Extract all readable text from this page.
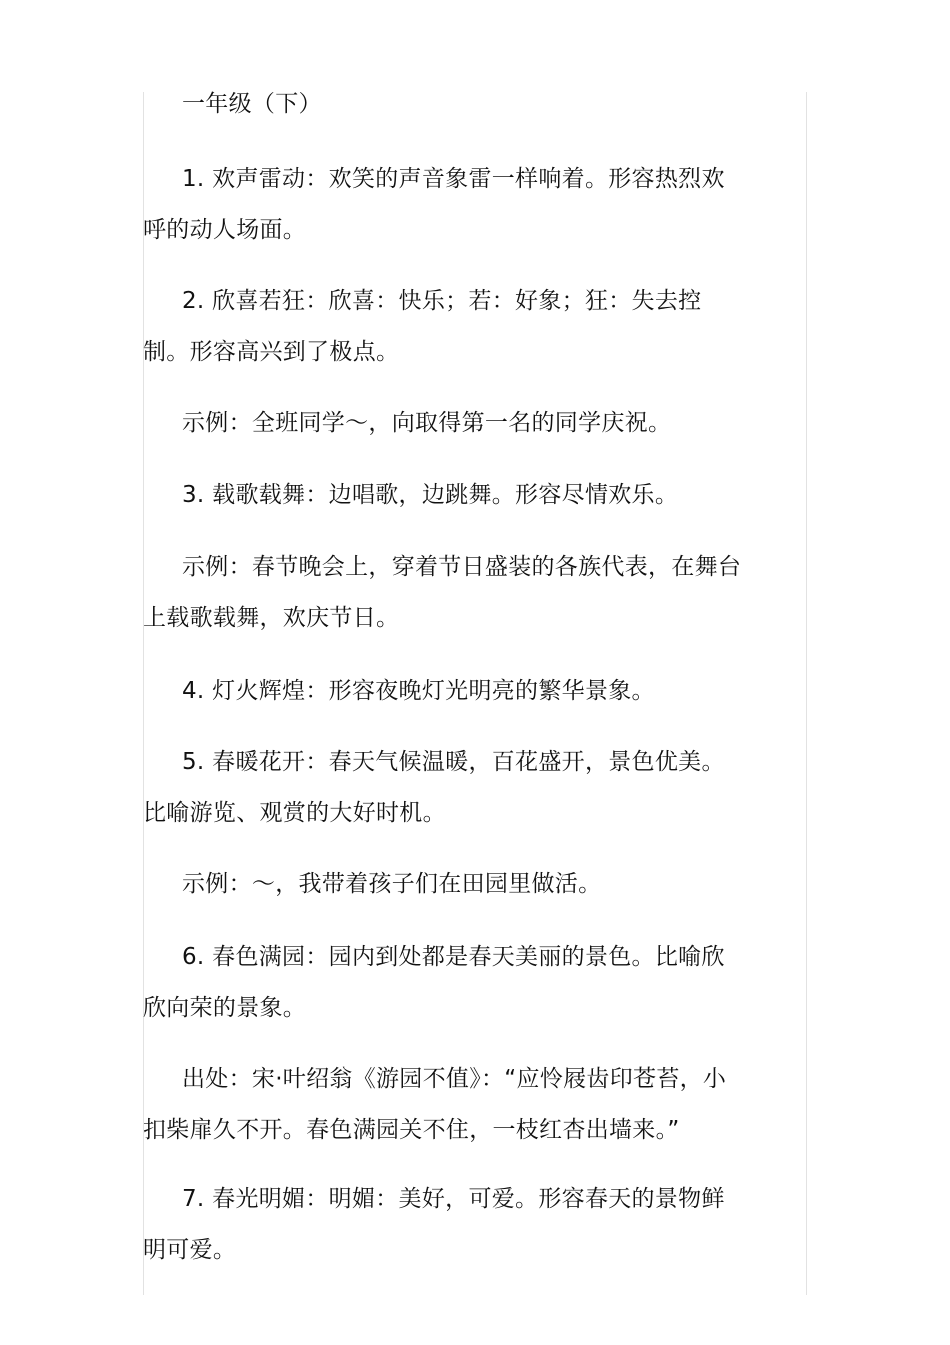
一年级（下）
1. 欢声雷动：欢笑的声音象雷一样响着。形容热烈欢呼的动人场面。
2. 欣喜若狂：欣喜：快乐；若：好象；狂：失去控制。形容高兴到了极点。
示例：全班同学～，向取得第一名的同学庆祝。
3. 载歌载舞：边唱歌，边跳舞。形容尽情欢乐。
示例：春节晚会上，穿着节日盛装的各族代表，在舞台上载歌载舞，欢庆节日。
4. 灯火辉煌：形容夜晚灯光明亮的繁华景象。
5. 春暖花开：春天气候温暖，百花盛开，景色优美。比喻游览、观赏的大好时机。
示例：～，我带着孩子们在田园里做活。
6. 春色满园：园内到处都是春天美丽的景色。比喻欣欣向荣的景象。
出处：宋·叶绍翁《游园不值》：“应怜屐齿印苍苔，小扣柴扉久不开。春色满园关不住，一枝红杏出墙来。”
7. 春光明媚：明媚：美好，可爱。形容春天的景物鲜明可爱。
